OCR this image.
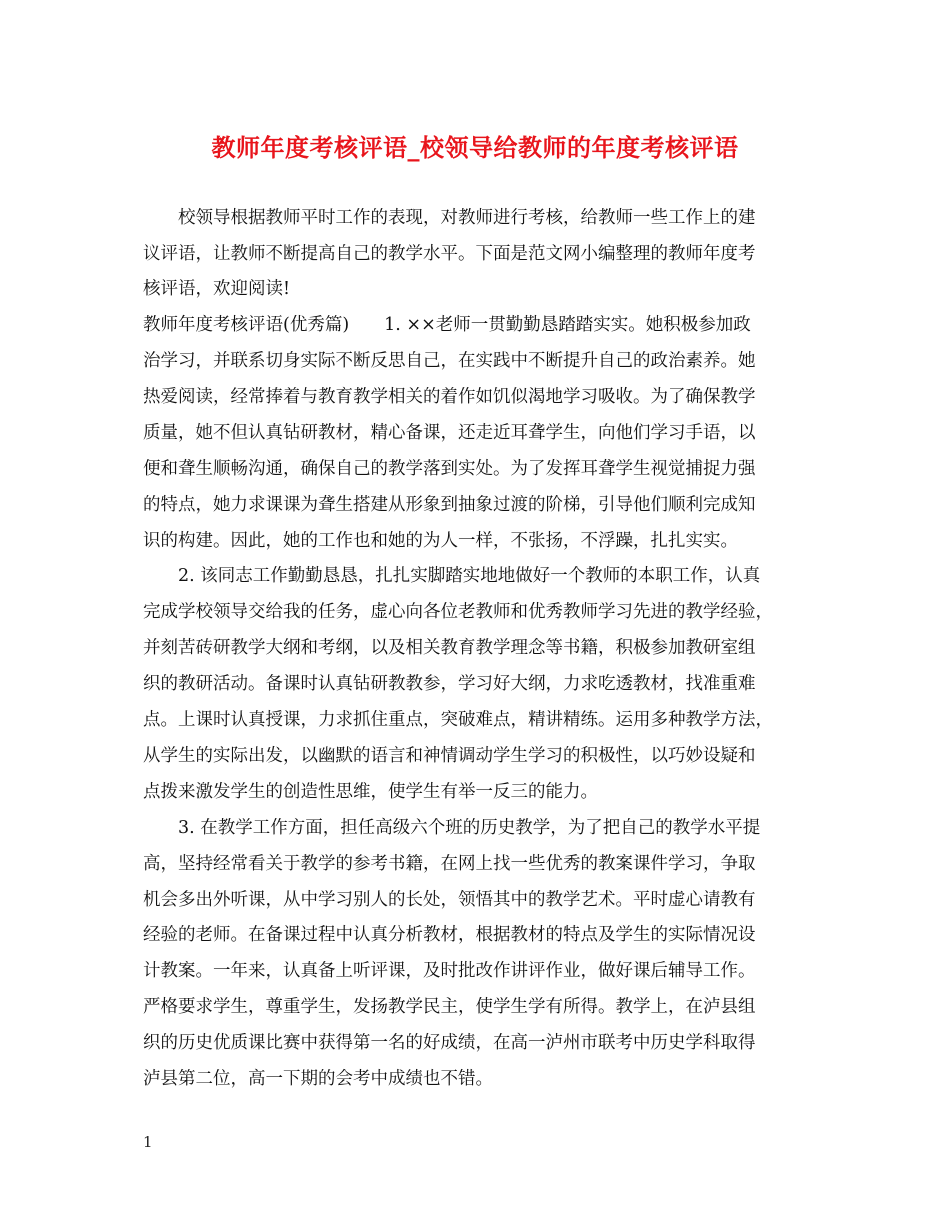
教师年度考核评语_校领导给教师的年度考核评语

校领导根据教师平时工作的表现，对教师进行考核，给教师一些工作上的建

议评语，让教师不断提高自己的教学水平。下面是范文网小编整理的教师年度考

核评语，欢迎阅读!

教师年度考核评语(优秀篇)　　1. ××老师一贯勤勤恳踏踏实实。她积极参加政

治学习，并联系切身实际不断反思自己，在实践中不断提升自己的政治素养。她

热爱阅读，经常捧着与教育教学相关的着作如饥似渴地学习吸收。为了确保教学

质量，她不但认真钻研教材，精心备课，还走近耳聋学生，向他们学习手语，以

便和聋生顺畅沟通，确保自己的教学落到实处。为了发挥耳聋学生视觉捕捉力强

的特点，她力求课课为聋生搭建从形象到抽象过渡的阶梯，引导他们顺利完成知

识的构建。因此，她的工作也和她的为人一样，不张扬，不浮躁，扎扎实实。

2. 该同志工作勤勤恳恳，扎扎实脚踏实地地做好一个教师的本职工作，认真

完成学校领导交给我的任务，虚心向各位老教师和优秀教师学习先进的教学经验，

并刻苦砖研教学大纲和考纲，以及相关教育教学理念等书籍，积极参加教研室组

织的教研活动。备课时认真钻研教教参，学习好大纲，力求吃透教材，找准重难

点。上课时认真授课，力求抓住重点，突破难点，精讲精练。运用多种教学方法，

从学生的实际出发，以幽默的语言和神情调动学生学习的积极性，以巧妙设疑和

点拨来激发学生的创造性思维，使学生有举一反三的能力。

3. 在教学工作方面，担任高级六个班的历史教学，为了把自己的教学水平提

高，坚持经常看关于教学的参考书籍，在网上找一些优秀的教案课件学习，争取

机会多出外听课，从中学习别人的长处，领悟其中的教学艺术。平时虚心请教有

经验的老师。在备课过程中认真分析教材，根据教材的特点及学生的实际情况设

计教案。一年来，认真备上听评课，及时批改作讲评作业，做好课后辅导工作。

严格要求学生，尊重学生，发扬教学民主，使学生学有所得。教学上，在泸县组

织的历史优质课比赛中获得第一名的好成绩，在高一泸州市联考中历史学科取得

泸县第二位，高一下期的会考中成绩也不错。

1
